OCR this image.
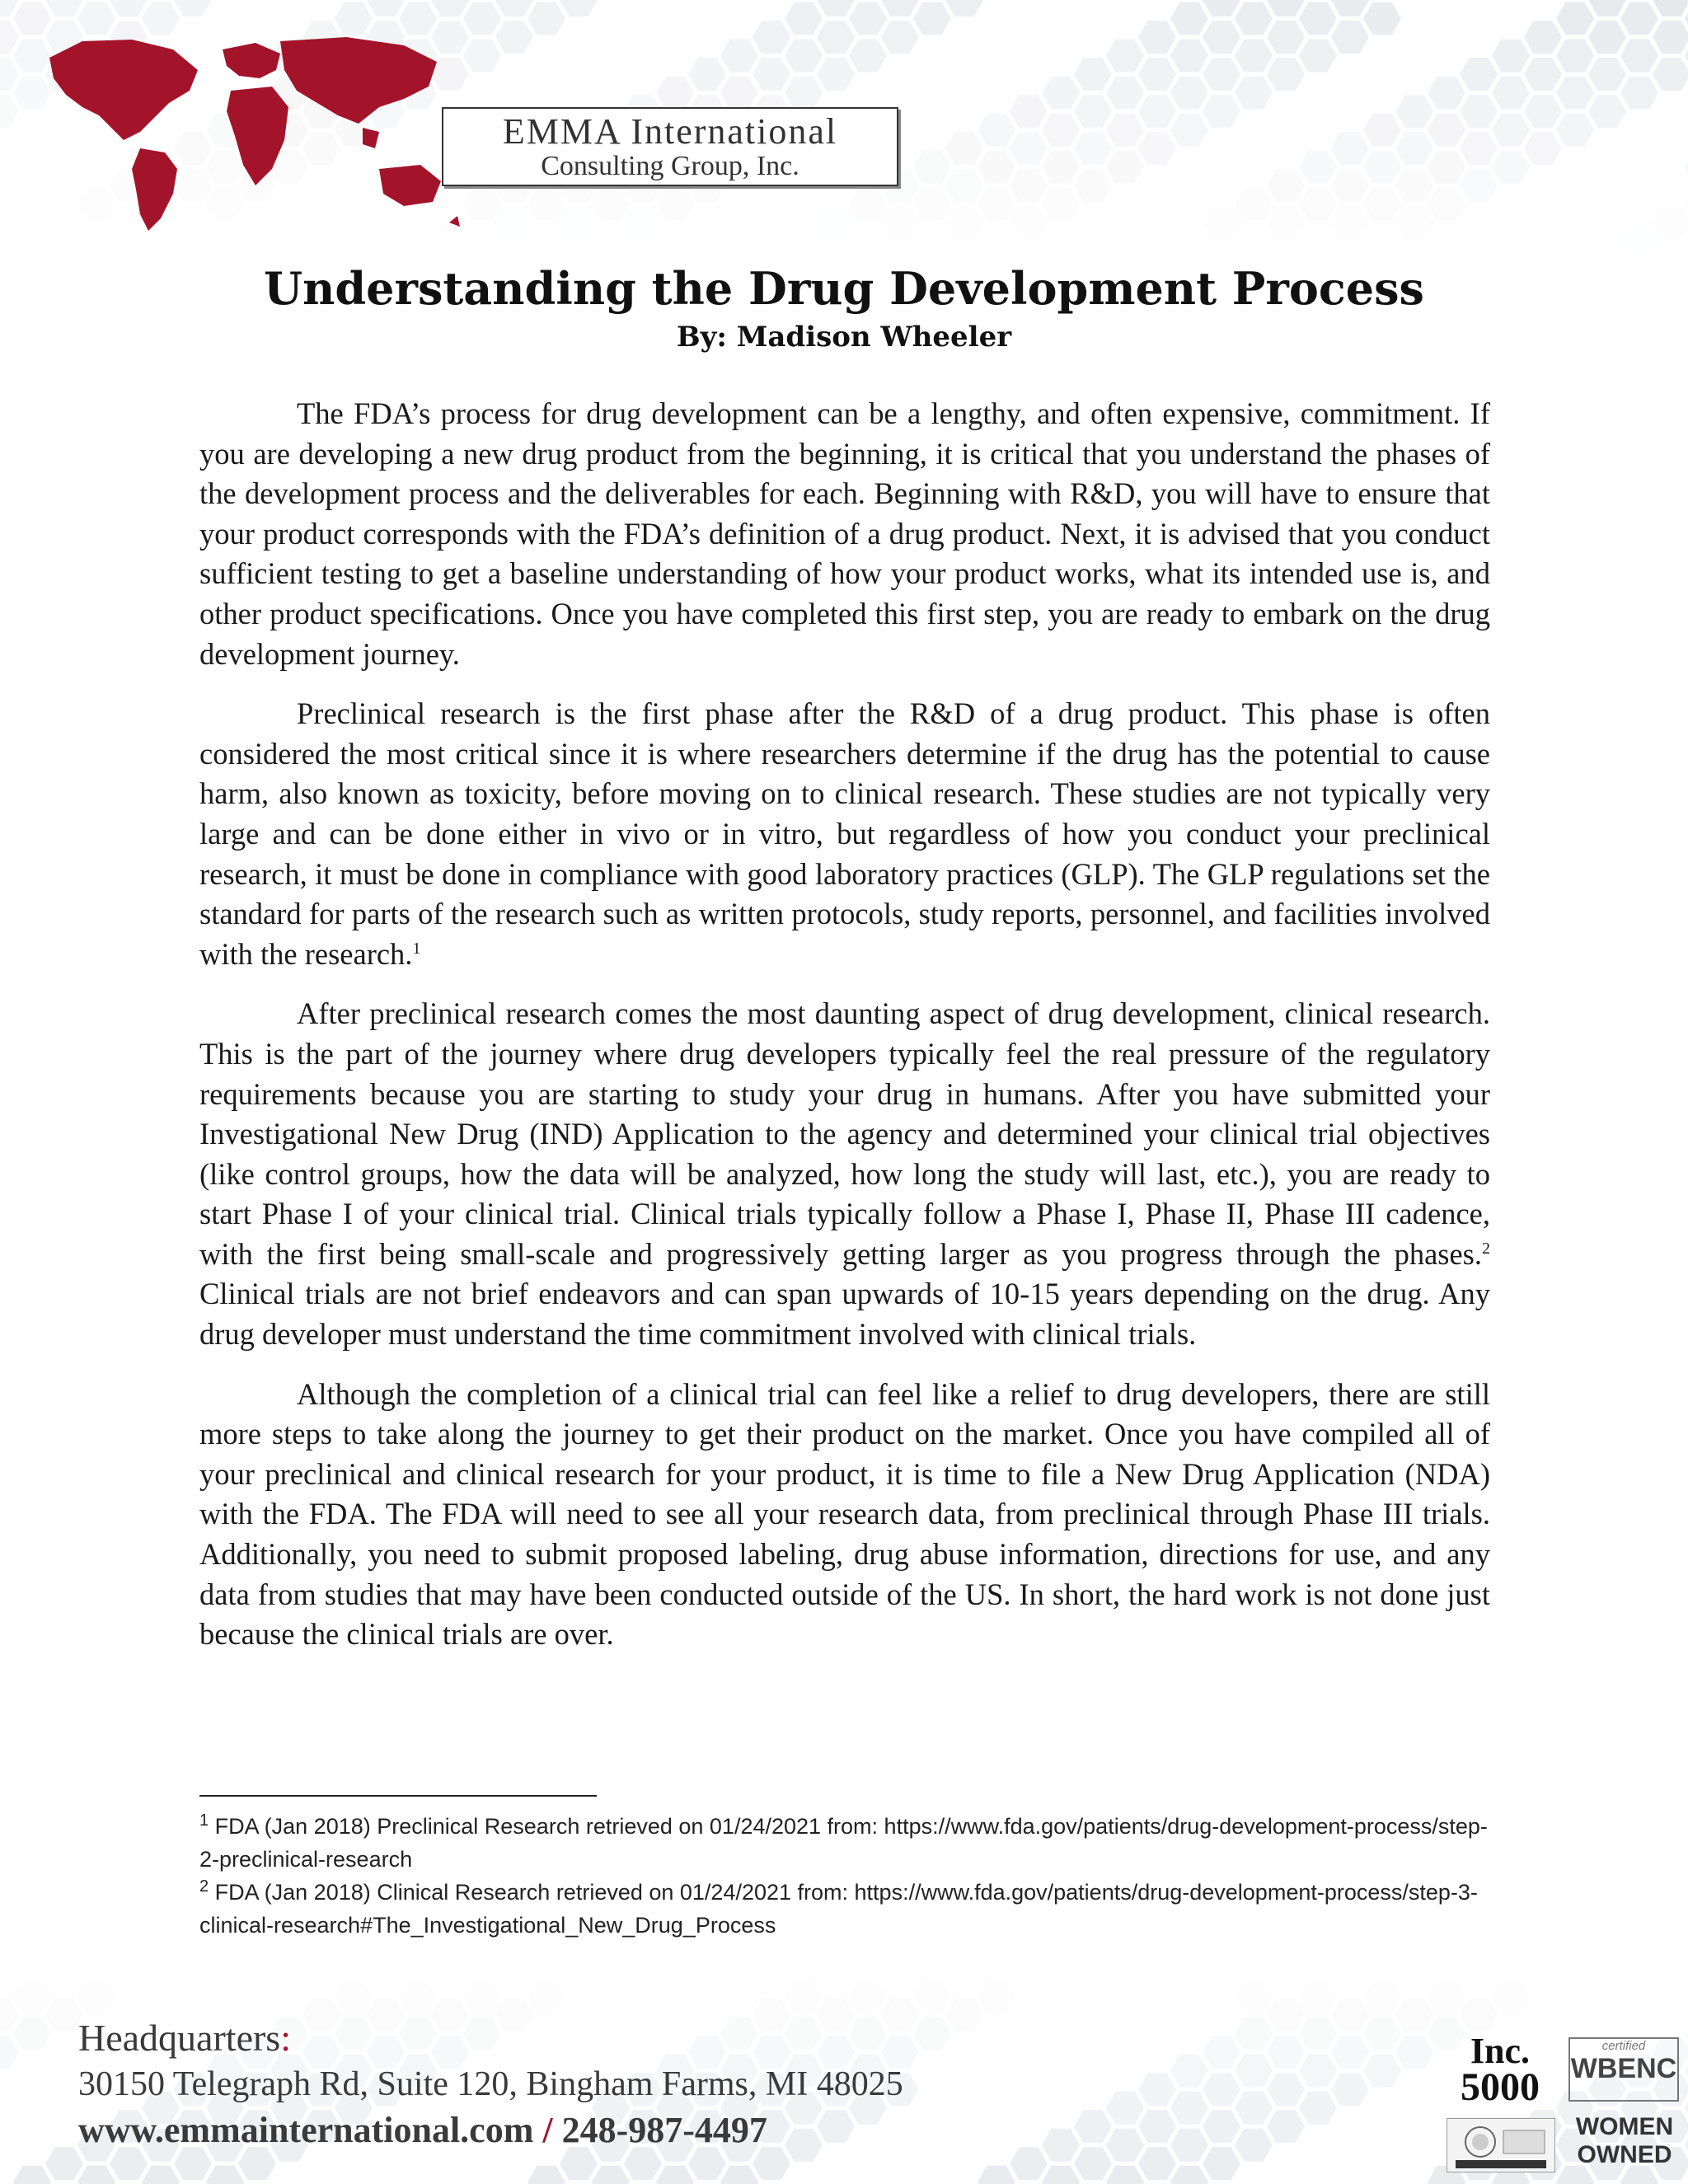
EMMA International
Consulting Group, Inc.
Understanding the Drug Development Process
By: Madison Wheeler

The FDA’s process for drug development can be a lengthy, and often expensive, commitment. If you are developing a new drug product from the beginning, it is critical that you understand the phases of the development process and the deliverables for each. Beginning with R&D, you will have to ensure that your product corresponds with the FDA’s definition of a drug product. Next, it is advised that you conduct sufficient testing to get a baseline understanding of how your product works, what its intended use is, and other product specifications. Once you have completed this first step, you are ready to embark on the drug development journey.

Preclinical research is the first phase after the R&D of a drug product. This phase is often considered the most critical since it is where researchers determine if the drug has the potential to cause harm, also known as toxicity, before moving on to clinical research. These studies are not typically very large and can be done either in vivo or in vitro, but regardless of how you conduct your preclinical research, it must be done in compliance with good laboratory practices (GLP). The GLP regulations set the standard for parts of the research such as written protocols, study reports, personnel, and facilities involved with the research.$^1$

After preclinical research comes the most daunting aspect of drug development, clinical research. This is the part of the journey where drug developers typically feel the real pressure of the regulatory requirements because you are starting to study your drug in humans. After you have submitted your Investigational New Drug (IND) Application to the agency and determined your clinical trial objectives (like control groups, how the data will be analyzed, how long the study will last, etc.), you are ready to start Phase I of your clinical trial. Clinical trials typically follow a Phase I, Phase II, Phase III cadence, with the first being small-scale and progressively getting larger as you progress through the phases.$^2$ Clinical trials are not brief endeavors and can span upwards of 10-15 years depending on the drug. Any drug developer must understand the time commitment involved with clinical trials.

Although the completion of a clinical trial can feel like a relief to drug developers, there are still more steps to take along the journey to get their product on the market. Once you have compiled all of your preclinical and clinical research for your product, it is time to file a New Drug Application (NDA) with the FDA. The FDA will need to see all your research data, from preclinical through Phase III trials. Additionally, you need to submit proposed labeling, drug abuse information, directions for use, and any data from studies that may have been conducted outside of the US. In short, the hard work is not done just because the clinical trials are over.

$^1$ FDA (Jan 2018) Preclinical Research retrieved on 01/24/2021 from: https://www.fda.gov/patients/drug-development-process/step-2-preclinical-research

$^2$ FDA (Jan 2018) Clinical Research retrieved on 01/24/2021 from: https://www.fda.gov/patients/drug-development-process/step-3-clinical-research#The_Investigational_New_Drug_Process

Headquarters:
30150 Telegraph Rd, Suite 120, Bingham Farms, MI 48025
www.emmainternational.com / 248-987-4497
Inc.
5000
certified
WBENC

WOMEN
OWNED
